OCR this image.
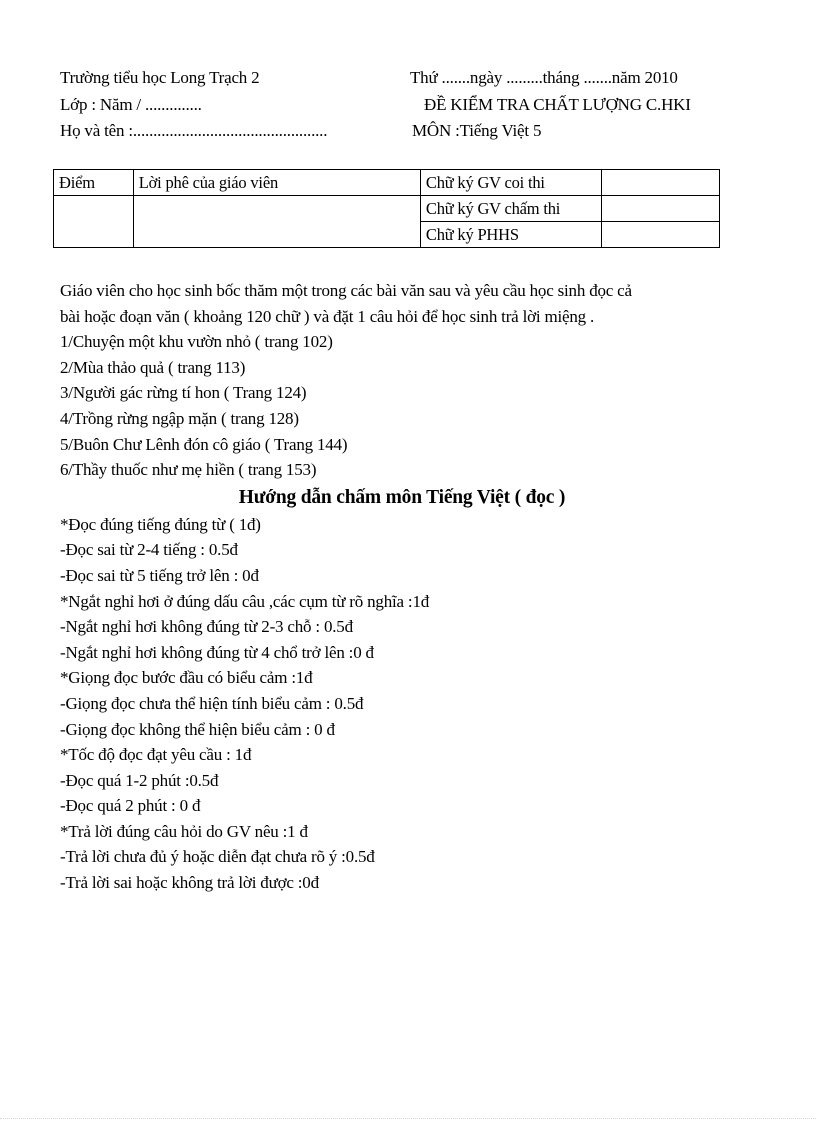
Trường tiểu học Long Trạch 2	Thứ .......ngày .........tháng .......năm 2010
Lớp : Năm / ..............	ĐỀ KIỂM TRA CHẤT LƯỢNG C.HKI
Họ và tên :................................................	MÔN :Tiếng Việt 5
Điểm	Lời phê của giáo viên	Chữ ký GV coi thi	
		Chữ ký GV chấm thi	
		Chữ ký PHHS	

Giáo viên cho học sinh bốc thăm một trong các bài văn sau và yêu cầu học sinh đọc cả

bài hoặc đoạn văn ( khoảng 120 chữ ) và đặt 1 câu hỏi để học sinh trả lời miệng .

1/Chuyện một khu vườn nhỏ ( trang 102)

2/Mùa thảo quả ( trang 113)

3/Người gác rừng tí hon ( Trang 124)

4/Trồng rừng ngập mặn ( trang 128)

5/Buôn Chư Lênh đón cô giáo ( Trang 144)

6/Thầy thuốc như mẹ hiền ( trang 153)

Hướng dẫn chấm môn Tiếng Việt ( đọc )

*Đọc đúng tiếng đúng từ ( 1đ)

-Đọc sai từ 2-4 tiếng : 0.5đ

-Đọc sai từ 5 tiếng trở lên : 0đ

*Ngắt nghỉ hơi ở đúng dấu câu ,các cụm từ rõ nghĩa :1đ

-Ngắt nghỉ hơi không đúng từ 2-3 chỗ : 0.5đ

-Ngắt nghỉ hơi không đúng từ 4 chổ trở lên :0 đ

*Giọng đọc bước đầu có biểu cảm :1đ

-Giọng đọc chưa thể hiện tính biểu cảm : 0.5đ

-Giọng đọc không thể hiện biểu cảm : 0 đ

*Tốc độ đọc đạt yêu cầu : 1đ

-Đọc quá 1-2 phút :0.5đ

-Đọc quá 2 phút : 0 đ

*Trả lời đúng câu hỏi do GV nêu :1 đ

-Trả lời chưa đủ ý hoặc diễn đạt chưa rõ ý :0.5đ

-Trả lời sai hoặc không trả lời được :0đ
